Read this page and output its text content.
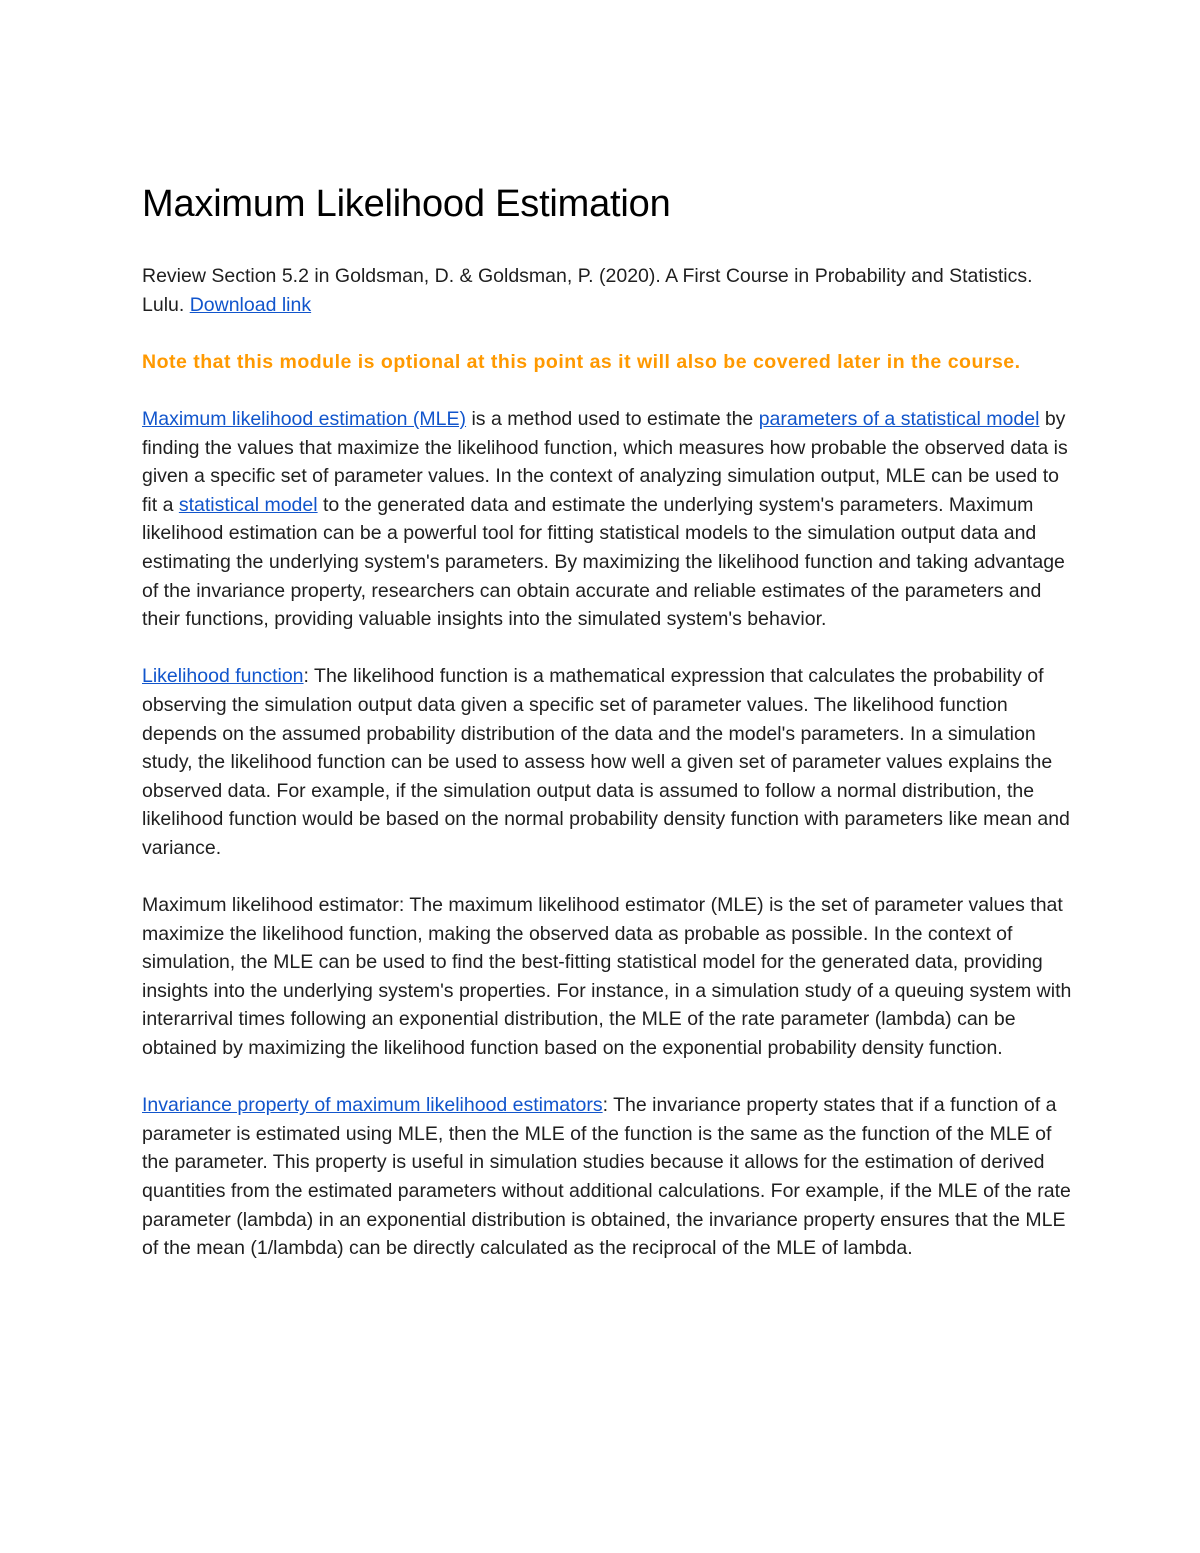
Maximum Likelihood Estimation

Review Section 5.2 in Goldsman, D. & Goldsman, P. (2020). A First Course in Probability and Statistics. Lulu. Download link

Note that this module is optional at this point as it will also be covered later in the course.

Maximum likelihood estimation (MLE) is a method used to estimate the parameters of a statistical model by finding the values that maximize the likelihood function, which measures how probable the observed data is given a specific set of parameter values. In the context of analyzing simulation output, MLE can be used to fit a statistical model to the generated data and estimate the underlying system's parameters. Maximum likelihood estimation can be a powerful tool for fitting statistical models to the simulation output data and estimating the underlying system's parameters. By maximizing the likelihood function and taking advantage of the invariance property, researchers can obtain accurate and reliable estimates of the parameters and their functions, providing valuable insights into the simulated system's behavior.

Likelihood function: The likelihood function is a mathematical expression that calculates the probability of observing the simulation output data given a specific set of parameter values. The likelihood function depends on the assumed probability distribution of the data and the model's parameters. In a simulation study, the likelihood function can be used to assess how well a given set of parameter values explains the observed data. For example, if the simulation output data is assumed to follow a normal distribution, the likelihood function would be based on the normal probability density function with parameters like mean and variance.

Maximum likelihood estimator: The maximum likelihood estimator (MLE) is the set of parameter values that maximize the likelihood function, making the observed data as probable as possible. In the context of simulation, the MLE can be used to find the best-fitting statistical model for the generated data, providing insights into the underlying system's properties. For instance, in a simulation study of a queuing system with interarrival times following an exponential distribution, the MLE of the rate parameter (lambda) can be obtained by maximizing the likelihood function based on the exponential probability density function.

Invariance property of maximum likelihood estimators: The invariance property states that if a function of a parameter is estimated using MLE, then the MLE of the function is the same as the function of the MLE of the parameter. This property is useful in simulation studies because it allows for the estimation of derived quantities from the estimated parameters without additional calculations. For example, if the MLE of the rate parameter (lambda) in an exponential distribution is obtained, the invariance property ensures that the MLE of the mean (1/lambda) can be directly calculated as the reciprocal of the MLE of lambda.
